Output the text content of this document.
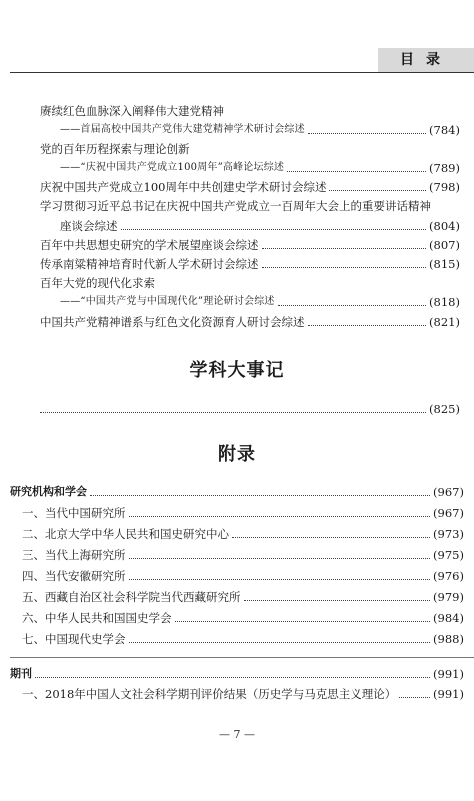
目录
赓续红色血脉深入阐释伟大建党精神
——首届高校中国共产党伟大建党精神学术研讨会综述	( 784 )
党的百年历程探索与理论创新
——“庆祝中国共产党成立100周年”高峰论坛综述	( 789 )
庆祝中国共产党成立100周年中共创建史学术研讨会综述	( 798 )
学习贯彻习近平总书记在庆祝中国共产党成立一百周年大会上的重要讲话精神
座谈会综述	( 804 )
百年中共思想史研究的学术展望座谈会综述	( 807 )
传承南粱精神培育时代新人学术研讨会综述	( 815 )
百年大党的现代化求索
——“中国共产党与中国现代化”理论研讨会综述	( 818 )
中国共产党精神谱系与红色文化资源育人研讨会综述	( 821 )
学科大事记
( 825 )
附录
研究机构和学会	( 967 )
一、当代中国研究所	( 967 )
二、北京大学中华人民共和国史研究中心	( 973 )
三、当代上海研究所	( 975 )
四、当代安徽研究所	( 976 )
五、西藏自治区社会科学院当代西藏研究所	( 979 )
六、中华人民共和国国史学会	( 984 )
七、中国现代史学会	( 988 )
期刊	( 991 )
一、2018年中国人文社会科学期刊评价结果（历史学与马克思主义理论）	( 991 )
— 7 —
